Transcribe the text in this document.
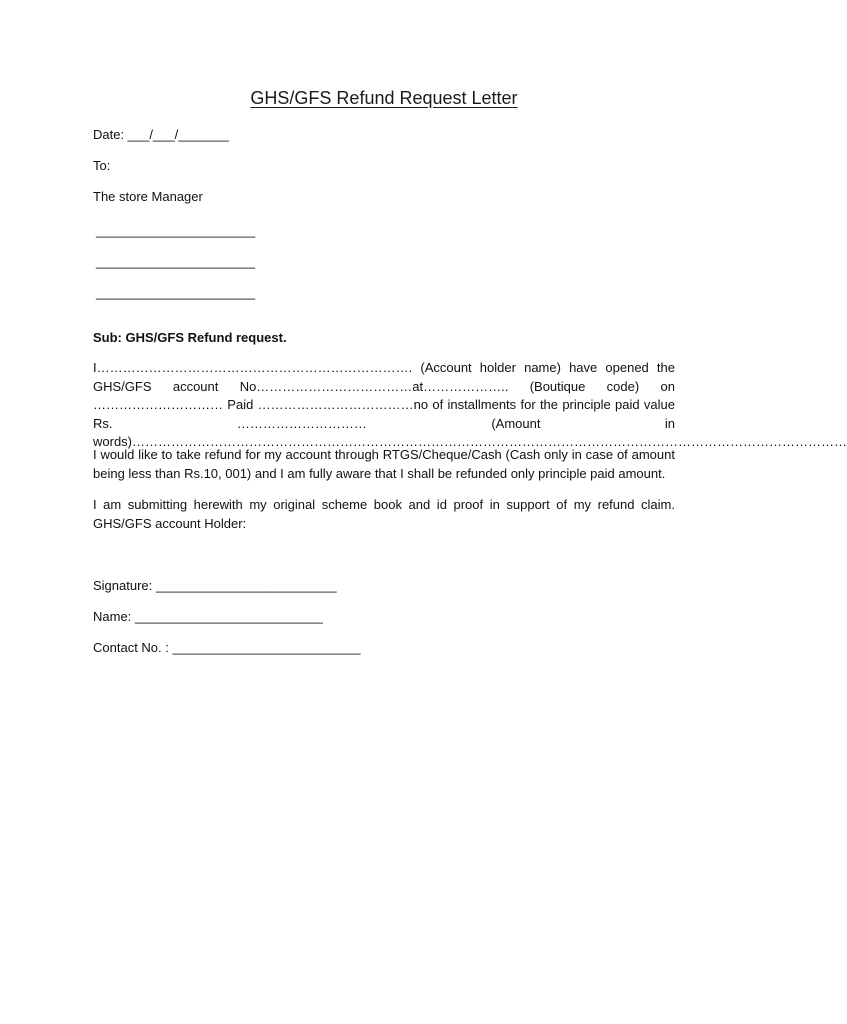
GHS/GFS Refund Request Letter
Date: ___/___/_______
To:
The store Manager
______________________
______________________
______________________
Sub: GHS/GFS Refund request.
I………………………………………………………………. (Account holder name) have opened the GHS/GFS account No………………………………at……………….. (Boutique code) on ………………………… Paid ………………………………no of installments for the principle paid value Rs. ………………………… (Amount in words)…………………………………………………………………………………………………………………………………………………
I would like to take refund for my account through RTGS/Cheque/Cash (Cash only in case of amount being less than Rs.10, 001) and I am fully aware that I shall be refunded only principle paid amount.
I am submitting herewith my original scheme book and id proof in support of my refund claim. GHS/GFS account Holder:
Signature: _________________________
Name: __________________________
Contact No. : __________________________
